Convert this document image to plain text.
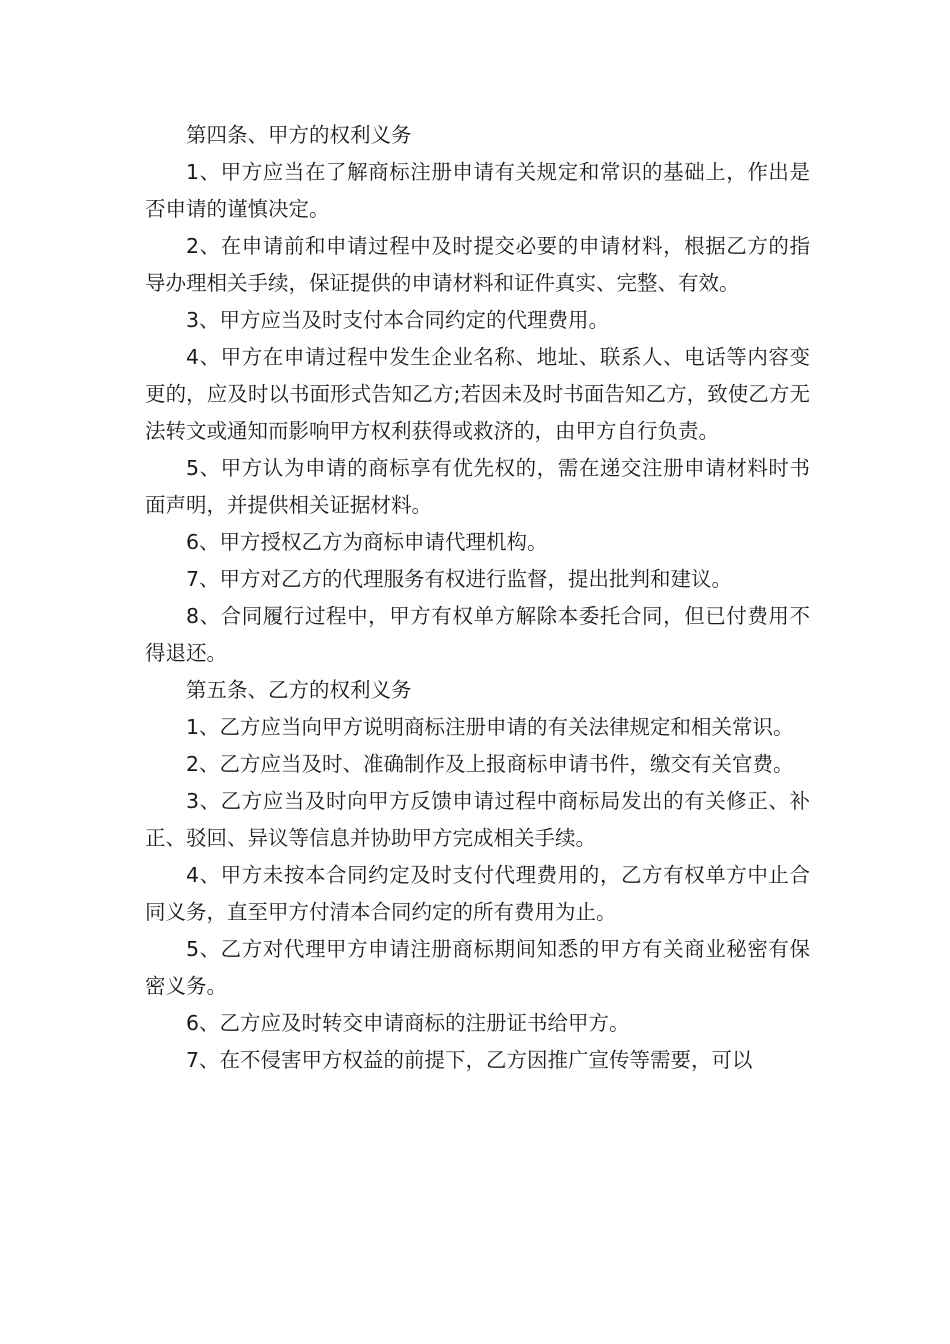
第四条、甲方的权利义务

1、甲方应当在了解商标注册申请有关规定和常识的基础上，作出是否申请的谨慎决定。

2、在申请前和申请过程中及时提交必要的申请材料，根据乙方的指导办理相关手续，保证提供的申请材料和证件真实、完整、有效。

3、甲方应当及时支付本合同约定的代理费用。

4、甲方在申请过程中发生企业名称、地址、联系人、电话等内容变更的，应及时以书面形式告知乙方;若因未及时书面告知乙方，致使乙方无法转文或通知而影响甲方权利获得或救济的，由甲方自行负责。

5、甲方认为申请的商标享有优先权的，需在递交注册申请材料时书面声明，并提供相关证据材料。

6、甲方授权乙方为商标申请代理机构。

7、甲方对乙方的代理服务有权进行监督，提出批判和建议。

8、合同履行过程中，甲方有权单方解除本委托合同，但已付费用不得退还。

第五条、乙方的权利义务

1、乙方应当向甲方说明商标注册申请的有关法律规定和相关常识。

2、乙方应当及时、准确制作及上报商标申请书件，缴交有关官费。

3、乙方应当及时向甲方反馈申请过程中商标局发出的有关修正、补正、驳回、异议等信息并协助甲方完成相关手续。

4、甲方未按本合同约定及时支付代理费用的，乙方有权单方中止合同义务，直至甲方付清本合同约定的所有费用为止。

5、乙方对代理甲方申请注册商标期间知悉的甲方有关商业秘密有保密义务。

6、乙方应及时转交申请商标的注册证书给甲方。

7、在不侵害甲方权益的前提下，乙方因推广宣传等需要，可以
